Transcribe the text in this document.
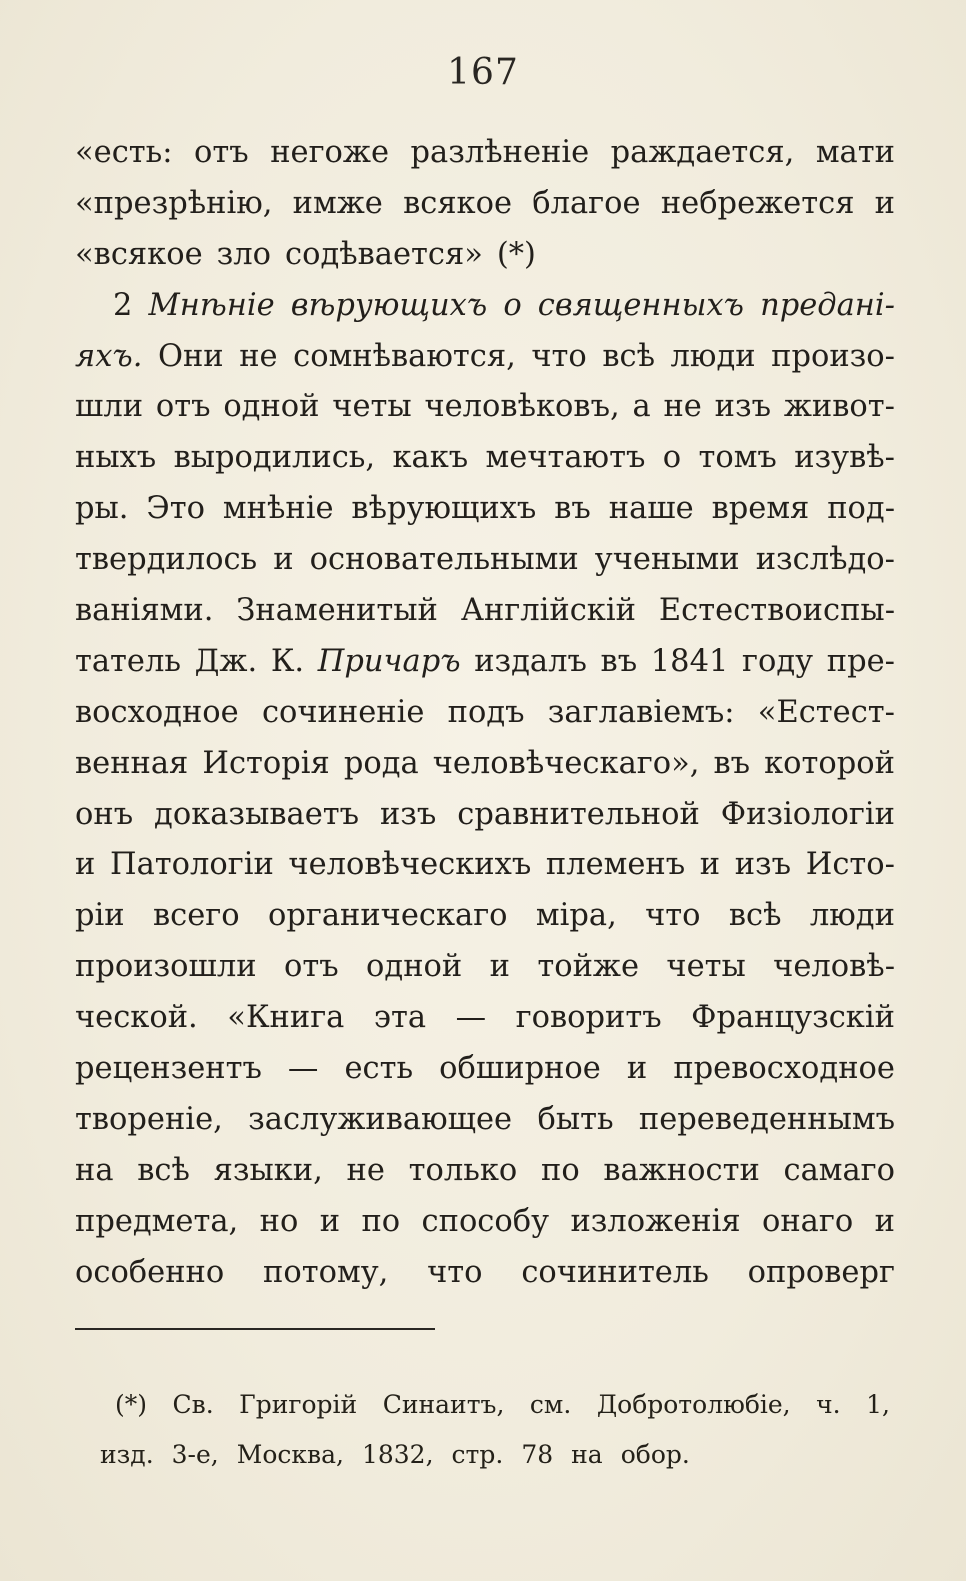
167
«есть: отъ негоже разлѣненіе раждается, мати
«презрѣнію, имже всякое благое небрежется и
«всякое зло содѣвается» (*)
2 Мнѣніе вѣрующихъ о священныхъ предані-
яхъ. Они не сомнѣваются, что всѣ люди произо-
шли отъ одной четы человѣковъ, а не изъ живот-
ныхъ выродились, какъ мечтаютъ о томъ изувѣ-
ры. Это мнѣніе вѣрующихъ въ наше время под-
твердилось и основательными учеными изслѣдо-
ваніями. Знаменитый Англійскій Естествоиспы-
татель Дж. К. Причаръ издалъ въ 1841 году пре-
восходное сочиненіе подъ заглавіемъ: «Естест-
венная Исторія рода человѣческаго», въ которой
онъ доказываетъ изъ сравнительной Физіологіи
и Патологіи человѣческихъ племенъ и изъ Исто-
ріи всего органическаго міра, что всѣ люди
произошли отъ одной и тойже четы человѣ-
ческой. «Книга эта — говоритъ Французскій
рецензентъ — есть обширное и превосходное
твореніе, заслуживающее быть переведеннымъ
на всѣ языки, не только по важности самаго
предмета, но и по способу изложенія онаго и
особенно потому, что сочинитель опроверг
(*) Св. Григорій Синаитъ, см. Добротолюбіе, ч. 1,
изд. 3-е, Москва, 1832, стр. 78 на обор.
